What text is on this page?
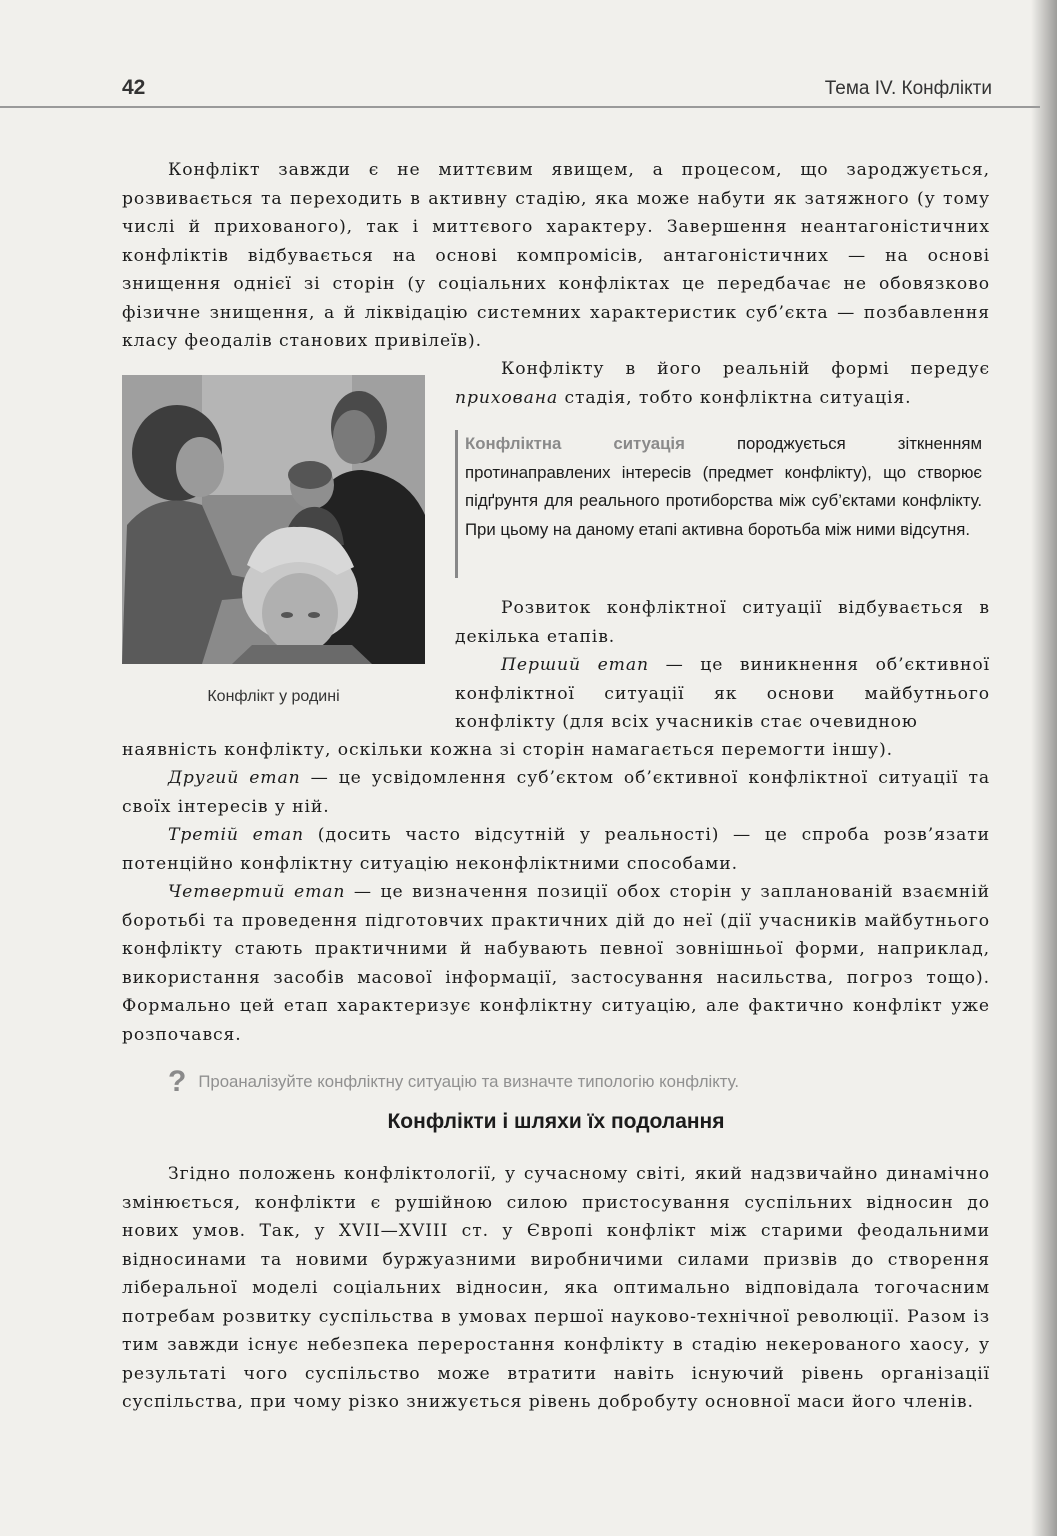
42	Тема IV. Конфлікти

Конфлікт завжди є не миттєвим явищем, а процесом, що зароджується, розвивається та переходить в активну стадію, яка може набути як затяжного (у тому числі й прихованого), так і миттєвого характеру. Завершення неантагоністичних конфліктів відбувається на основі компромісів, антагоністичних — на основі знищення однієї зі сторін (у соціальних конфліктах це передбачає не обовязково фізичне знищення, а й ліквідацію системних характеристик суб’єкта — позбавлення класу феодалів станових привілеїв).

Конфлікту в його реальній формі передує прихована стадія, тобто конфліктна ситуація.

Конфлікт у родині
Конфліктна ситуація породжується зіткненням протинаправлених інтересів (предмет конфлікту), що створює підґрунтя для реального протиборства між суб’єктами конфлікту. При цьому на даному етапі активна боротьба між ними відсутня.

Розвиток конфліктної ситуації відбувається в декілька етапів.

Перший етап — це виникнення об’єктивної конфліктної ситуації як основи майбутнього конфлікту (для всіх учасників стає очевидною

наявність конфлікту, оскільки кожна зі сторін намагається перемогти іншу).

Другий етап — це усвідомлення суб’єктом об’єктивної конфліктної ситуації та своїх інтересів у ній.

Третій етап (досить часто відсутній у реальності) — це спроба розв’язати потенційно конфліктну ситуацію неконфліктними способами.

Четвертий етап — це визначення позиції обох сторін у запланованій взаємній боротьбі та проведення підготовчих практичних дій до неї (дії учасників майбутнього конфлікту стають практичними й набувають певної зовнішньої форми, наприклад, використання засобів масової інформації, застосування насильства, погроз тощо). Формально цей етап характеризує конфліктну ситуацію, але фактично конфлікт уже розпочався.

? Проаналізуйте конфліктну ситуацію та визначте типологію конфлікту.
Конфлікти і шляхи їх подолання

Згідно положень конфліктології, у сучасному світі, який надзвичайно динамічно змінюється, конфлікти є рушійною силою пристосування суспільних відносин до нових умов. Так, у XVII—XVIII ст. у Європі конфлікт між старими феодальними відносинами та новими буржуазними виробничими силами призвів до створення ліберальної моделі соціальних відносин, яка оптимально відповідала тогочасним потребам розвитку суспільства в умовах першої науково-технічної революції. Разом із тим завжди існує небезпека переростання конфлікту в стадію некерованого хаосу, у результаті чого суспільство може втратити навіть існуючий рівень організації суспільства, при чому різко знижується рівень добробуту основної маси його членів.
